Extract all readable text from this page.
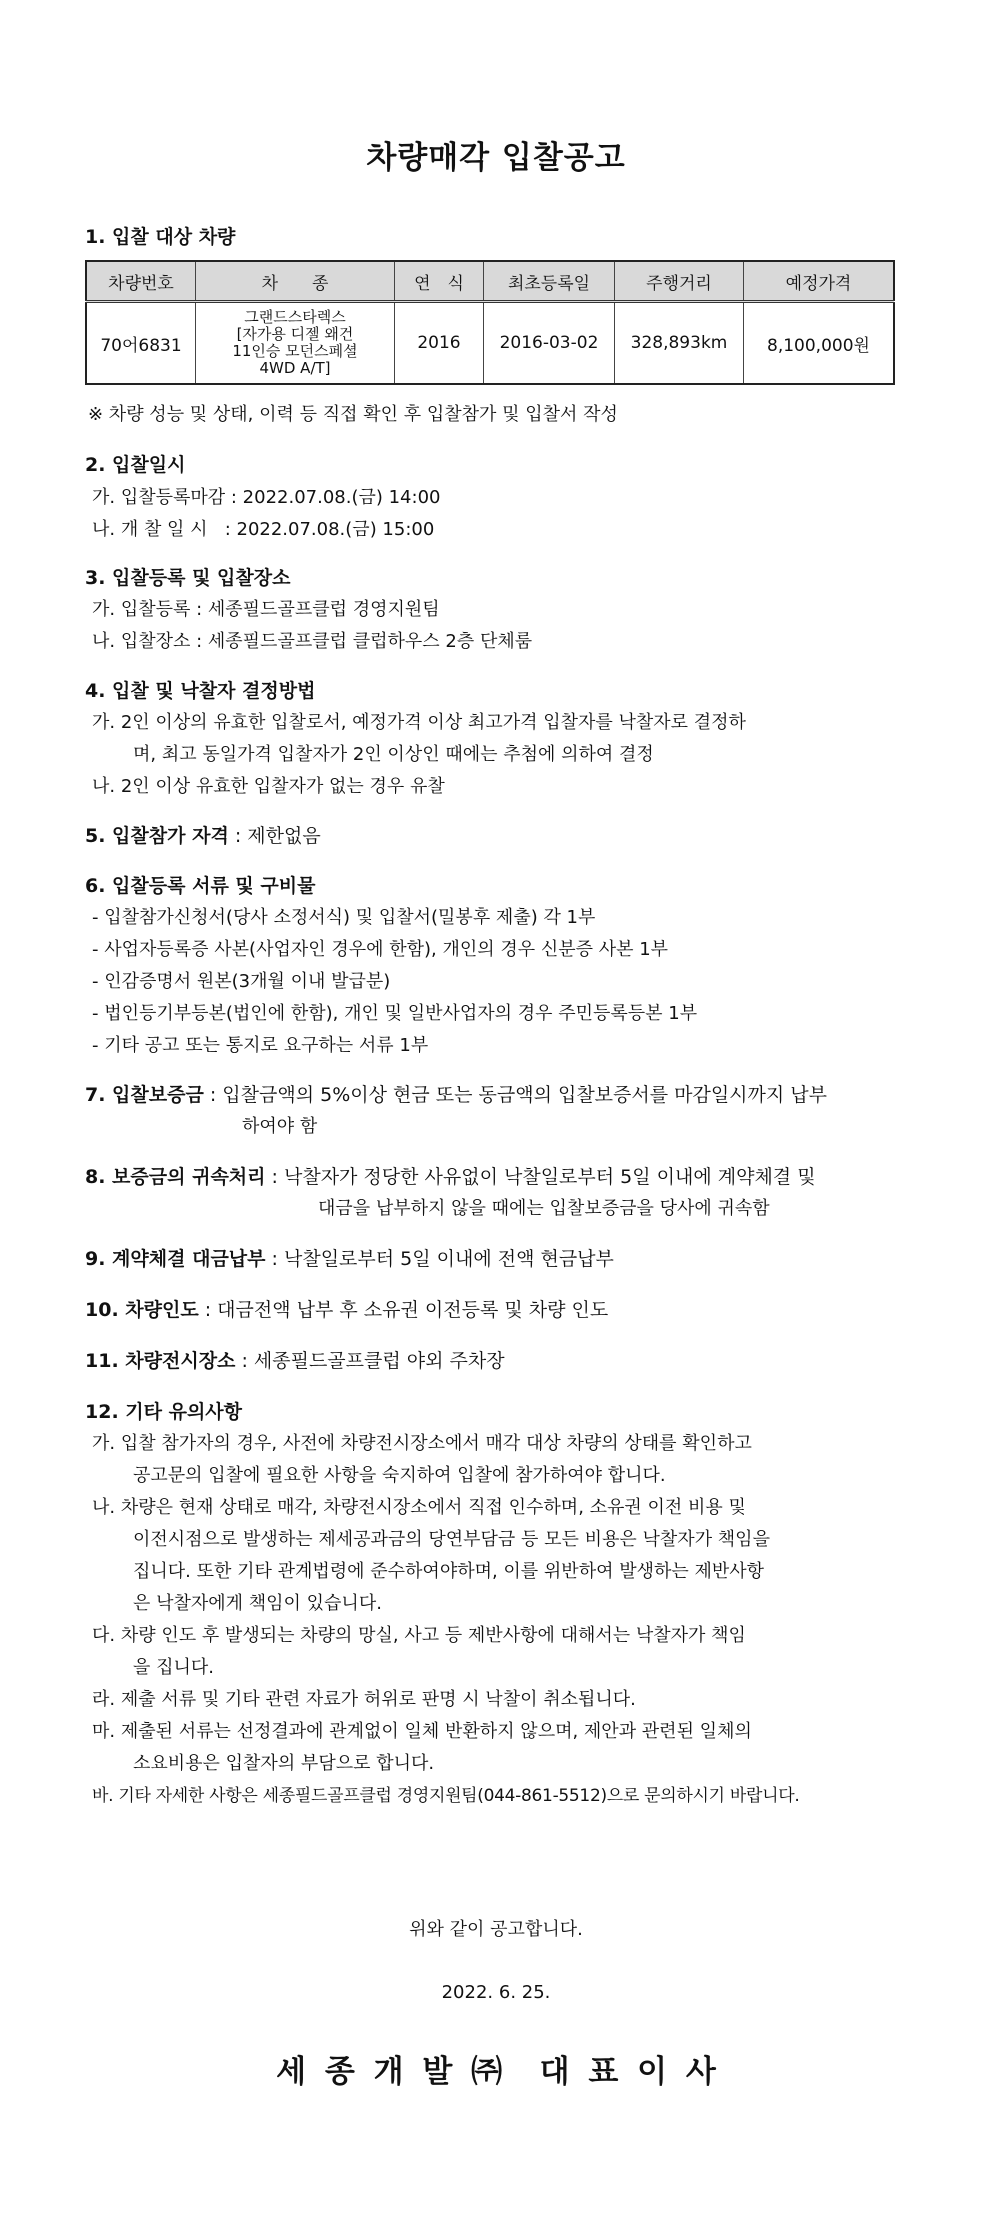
차량매각 입찰공고
1. 입찰 대상 차량
차량번호	차　　종	연　식	최초등록일	주행거리	예정가격
70어6831	그랜드스타렉스
[자가용 디젤 왜건
11인승 모던스페셜
4WD A/T]	2016	2016-03-02	328,893km	8,100,000원
※ 차량 성능 및 상태, 이력 등 직접 확인 후 입찰참가 및 입찰서 작성
2. 입찰일시
가. 입찰등록마감 : 2022.07.08.(금) 14:00
나. 개 찰 일 시   : 2022.07.08.(금) 15:00
3. 입찰등록 및 입찰장소
가. 입찰등록 : 세종필드골프클럽 경영지원팀
나. 입찰장소 : 세종필드골프클럽 클럽하우스 2층 단체룸
4. 입찰 및 낙찰자 결정방법
가. 2인 이상의 유효한 입찰로서, 예정가격 이상 최고가격 입찰자를 낙찰자로 결정하
며, 최고 동일가격 입찰자가 2인 이상인 때에는 추첨에 의하여 결정
나. 2인 이상 유효한 입찰자가 없는 경우 유찰
5. 입찰참가 자격 : 제한없음
6. 입찰등록 서류 및 구비물
- 입찰참가신청서(당사 소정서식) 및 입찰서(밀봉후 제출) 각 1부
- 사업자등록증 사본(사업자인 경우에 한함), 개인의 경우 신분증 사본 1부
- 인감증명서 원본(3개월 이내 발급분)
- 법인등기부등본(법인에 한함), 개인 및 일반사업자의 경우 주민등록등본 1부
- 기타 공고 또는 통지로 요구하는 서류 1부
7. 입찰보증금 : 입찰금액의 5%이상 현금 또는 동금액의 입찰보증서를 마감일시까지 납부
하여야 함
8. 보증금의 귀속처리 : 낙찰자가 정당한 사유없이 낙찰일로부터 5일 이내에 계약체결 및
대금을 납부하지 않을 때에는 입찰보증금을 당사에 귀속함
9. 계약체결 대금납부 : 낙찰일로부터 5일 이내에 전액 현금납부
10. 차량인도 : 대금전액 납부 후 소유권 이전등록 및 차량 인도
11. 차량전시장소 : 세종필드골프클럽 야외 주차장
12. 기타 유의사항
가. 입찰 참가자의 경우, 사전에 차량전시장소에서 매각 대상 차량의 상태를 확인하고
공고문의 입찰에 필요한 사항을 숙지하여 입찰에 참가하여야 합니다.
나. 차량은 현재 상태로 매각, 차량전시장소에서 직접 인수하며, 소유권 이전 비용 및
이전시점으로 발생하는 제세공과금의 당연부담금 등 모든 비용은 낙찰자가 책임을
집니다. 또한 기타 관계법령에 준수하여야하며, 이를 위반하여 발생하는 제반사항
은 낙찰자에게 책임이 있습니다.
다. 차량 인도 후 발생되는 차량의 망실, 사고 등 제반사항에 대해서는 낙찰자가 책임
을 집니다.
라. 제출 서류 및 기타 관련 자료가 허위로 판명 시 낙찰이 취소됩니다.
마. 제출된 서류는 선정결과에 관계없이 일체 반환하지 않으며, 제안과 관련된 일체의
소요비용은 입찰자의 부담으로 합니다.
바. 기타 자세한 사항은 세종필드골프클럽 경영지원팀(044-861-5512)으로 문의하시기 바랍니다.
위와 같이 공고합니다.
2022. 6. 25.
세 종 개 발 ㈜  대 표 이 사
